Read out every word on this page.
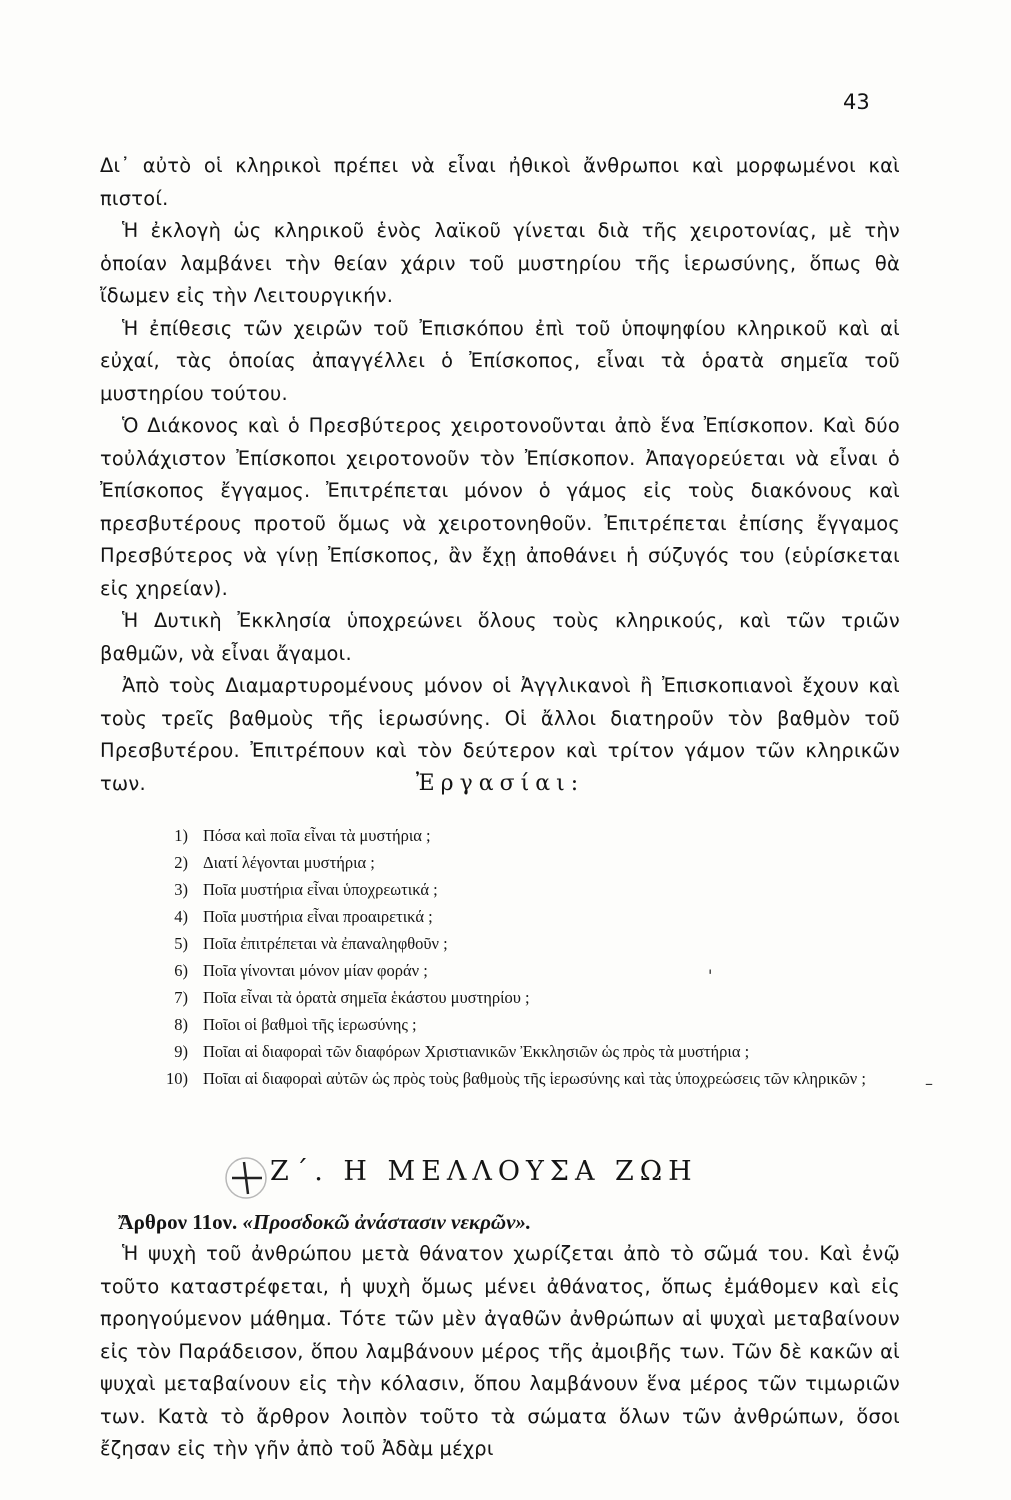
43

Δι᾽ αὐτὸ οἱ κληρικοὶ πρέπει νὰ εἶναι ἠθικοὶ ἄνθρωποι καὶ μορφωμένοι καὶ πιστοί.

Ἡ ἐκλογὴ ὡς κληρικοῦ ἑνὸς λαϊκοῦ γίνεται διὰ τῆς χειροτονίας, μὲ τὴν ὁποίαν λαμβάνει τὴν θείαν χάριν τοῦ μυστηρίου τῆς ἱερωσύνης, ὅπως θὰ ἴδωμεν εἰς τὴν Λειτουργικήν.

Ἡ ἐπίθεσις τῶν χειρῶν τοῦ Ἐπισκόπου ἐπὶ τοῦ ὑποψηφίου κληρικοῦ καὶ αἱ εὐχαί, τὰς ὁποίας ἀπαγγέλλει ὁ Ἐπίσκοπος, εἶναι τὰ ὁρατὰ σημεῖα τοῦ μυστηρίου τούτου.

Ὁ Διάκονος καὶ ὁ Πρεσβύτερος χειροτονοῦνται ἀπὸ ἕνα Ἐπίσκοπον. Καὶ δύο τοὐλάχιστον Ἐπίσκοποι χειροτονοῦν τὸν Ἐπίσκοπον. Ἀπαγορεύεται νὰ εἶναι ὁ Ἐπίσκοπος ἔγγαμος. Ἐπιτρέπεται μόνον ὁ γάμος εἰς τοὺς διακόνους καὶ πρεσβυτέρους προτοῦ ὅμως νὰ χειροτονηθοῦν. Ἐπιτρέπεται ἐπίσης ἔγγαμος Πρεσβύτερος νὰ γίνῃ Ἐπίσκοπος, ἂν ἔχῃ ἀποθάνει ἡ σύζυγός του (εὑρίσκεται εἰς χηρείαν).

Ἡ Δυτικὴ Ἐκκλησία ὑποχρεώνει ὅλους τοὺς κληρικούς, καὶ τῶν τριῶν βαθμῶν, νὰ εἶναι ἄγαμοι.

Ἀπὸ τοὺς Διαμαρτυρομένους μόνον οἱ Ἀγγλικανοὶ ἢ Ἐπισκοπιανοὶ ἔχουν καὶ τοὺς τρεῖς βαθμοὺς τῆς ἱερωσύνης. Οἱ ἄλλοι διατηροῦν τὸν βαθμὸν τοῦ Πρεσβυτέρου. Ἐπιτρέπουν καὶ τὸν δεύτερον καὶ τρίτον γάμον τῶν κληρικῶν των.	Ἐργασίαι:
1) Πόσα καὶ ποῖα εἶναι τὰ μυστήρια ;
2) Διατί λέγονται μυστήρια ;
3) Ποῖα μυστήρια εἶναι ὑποχρεωτικά ;
4) Ποῖα μυστήρια εἶναι προαιρετικά ;
5) Ποῖα ἐπιτρέπεται νὰ ἐπαναληφθοῦν ;
6) Ποῖα γίνονται μόνον μίαν φοράν ;
7) Ποῖα εἶναι τὰ ὁρατὰ σημεῖα ἑκάστου μυστηρίου ;
8) Ποῖοι οἱ βαθμοὶ τῆς ἱερωσύνης ;
9) Ποῖαι αἱ διαφοραὶ τῶν διαφόρων Χριστιανικῶν Ἐκκλησιῶν ὡς πρὸς τὰ μυστήρια ;
10) Ποῖαι αἱ διαφοραὶ αὐτῶν ὡς πρὸς τοὺς βαθμοὺς τῆς ἱερωσύνης καὶ τὰς ὑποχρεώσεις τῶν κληρικῶν ;	–
'
Ζ΄. Η ΜΕΛΛΟΥΣΑ ΖΩΗ
Ἄρθρον 11ον. «Προσδοκῶ ἀνάστασιν νεκρῶν».

Ἡ ψυχὴ τοῦ ἀνθρώπου μετὰ θάνατον χωρίζεται ἀπὸ τὸ σῶμά του. Καὶ ἐνῷ τοῦτο καταστρέφεται, ἡ ψυχὴ ὅμως μένει ἀθάνατος, ὅπως ἐμάθομεν καὶ εἰς προηγούμενον μάθημα. Τότε τῶν μὲν ἀγαθῶν ἀνθρώπων αἱ ψυχαὶ μεταβαίνουν εἰς τὸν Παράδεισον, ὅπου λαμβάνουν μέρος τῆς ἀμοιβῆς των. Τῶν δὲ κακῶν αἱ ψυχαὶ μεταβαίνουν εἰς τὴν κόλασιν, ὅπου λαμβάνουν ἕνα μέρος τῶν τιμωριῶν των. Κατὰ τὸ ἄρθρον λοιπὸν τοῦτο τὰ σώματα ὅλων τῶν ἀνθρώπων, ὅσοι ἔζησαν εἰς τὴν γῆν ἀπὸ τοῦ Ἀδὰμ μέχρι
